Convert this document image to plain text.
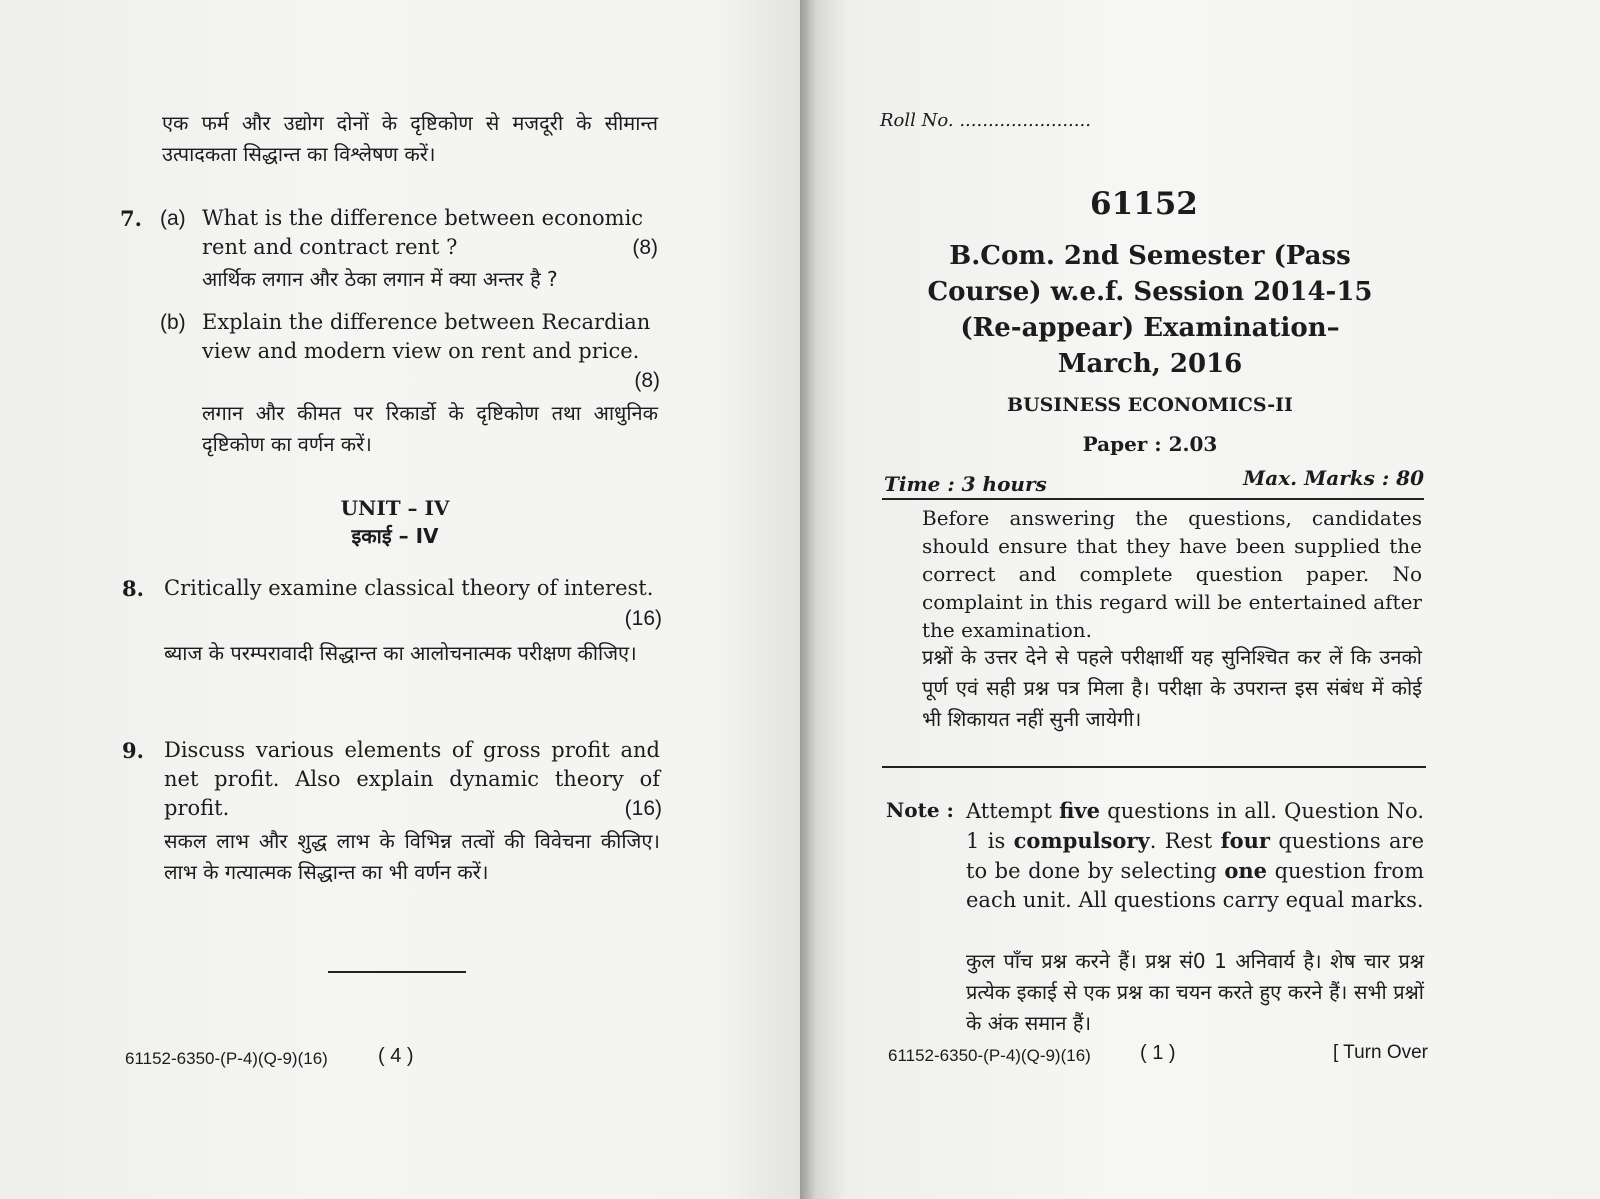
एक फर्म और उद्योग दोनों के दृष्टिकोण से मजदूरी के सीमान्त उत्पादकता सिद्धान्त का विश्लेषण करें।
7. (a) What is the difference between economic rent and contract rent ?	(8)
आर्थिक लगान और ठेका लगान में क्या अन्तर है ?
(b) Explain the difference between Recardian view and modern view on rent and price.
(8)
लगान और कीमत पर रिकार्डो के दृष्टिकोण तथा आधुनिक दृष्टिकोण का वर्णन करें।
UNIT – IV
इकाई – IV
8. Critically examine classical theory of interest.
(16)
ब्याज के परम्परावादी सिद्धान्त का आलोचनात्मक परीक्षण कीजिए।
9. Discuss various elements of gross profit and net profit. Also explain dynamic theory of profit.	(16)
सकल लाभ और शुद्ध लाभ के विभिन्न तत्वों की विवेचना कीजिए। लाभ के गत्यात्मक सिद्धान्त का भी वर्णन करें।
61152-6350-(P-4)(Q-9)(16)	( 4 )
Roll No. .......................
61152
B.Com. 2nd Semester (Pass
Course) w.e.f. Session 2014-15
(Re-appear) Examination–
March, 2016
BUSINESS ECONOMICS-II
Paper : 2.03
Time : 3 hours	Max. Marks : 80
Before answering the questions, candidates should ensure that they have been supplied the correct and complete question paper. No complaint in this regard will be entertained after the examination.
प्रश्नों के उत्तर देने से पहले परीक्षार्थी यह सुनिश्चित कर लें कि उनको पूर्ण एवं सही प्रश्न पत्र मिला है। परीक्षा के उपरान्त इस संबंध में कोई भी शिकायत नहीं सुनी जायेगी।
Note : Attempt five questions in all. Question No. 1 is compulsory. Rest four questions are to be done by selecting one question from each unit. All questions carry equal marks.
कुल पाँच प्रश्न करने हैं। प्रश्न सं0 1 अनिवार्य है। शेष चार प्रश्न प्रत्येक इकाई से एक प्रश्न का चयन करते हुए करने हैं। सभी प्रश्नों के अंक समान हैं।
61152-6350-(P-4)(Q-9)(16) ( 1 )	[ Turn Over
